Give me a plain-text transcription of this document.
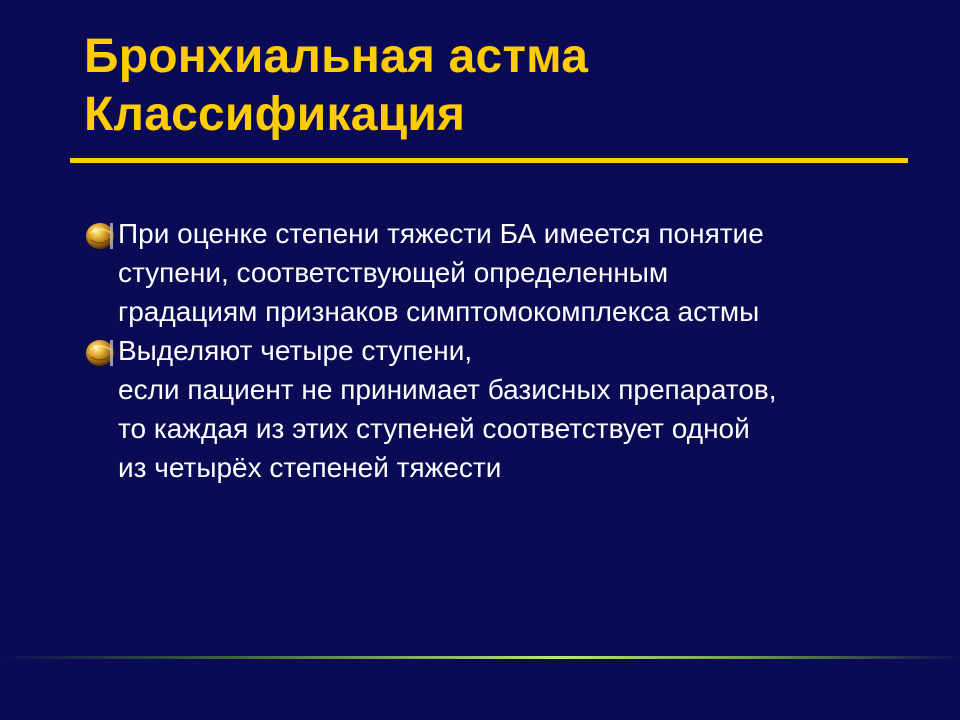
Бронхиальная астма
Классификация
При оценке степени тяжести БА имеется понятие
ступени, соответствующей определенным
градациям признаков симптомокомплекса астмы
Выделяют четыре ступени,
если пациент не принимает базисных препаратов,
то каждая из этих ступеней соответствует одной
из четырёх степеней тяжести
